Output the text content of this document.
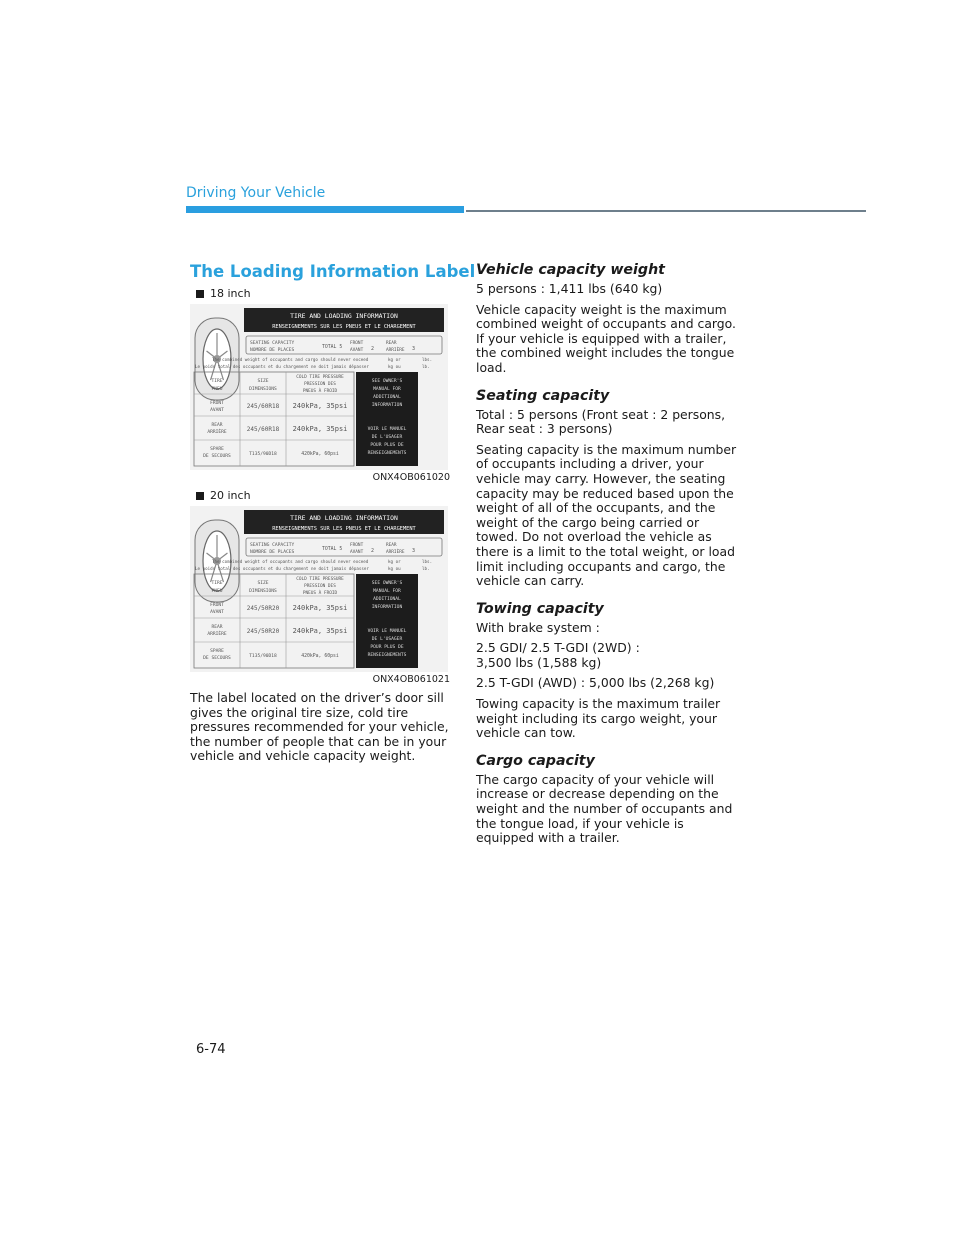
Driving Your Vehicle
The Loading Information Label
18 inch
TIRE AND LOADING INFORMATION
RENSEIGNEMENTS SUR LES PNEUS ET LE CHARGEMENT
SEATING CAPACITY
NOMBRE DE PLACES
TOTAL 5
FRONT
AVANT 2
REAR
ARRIÈRE 3
The combined weight of occupants and cargo should never exceed
Le poids total des occupants et du chargement ne doit jamais dépasser
kg or
kg ou
lbs.
lb.
TIRE
PNEU
SIZE
DIMENSIONS
COLD TIRE PRESSURE
PRESSION DES
PNEUS À FROID
FRONT
AVANT
REAR
ARRIÈRE
SPARE
DE SECOURS
245/60R18
245/60R18
T135/90D18
240kPa, 35psi
240kPa, 35psi
420kPa, 60psi
SEE OWNER'S
MANUAL FOR
ADDITIONAL
INFORMATION
VOIR LE MANUEL
DE L'USAGER
POUR PLUS DE
RENSEIGNEMENTS
ONX4OB061020
20 inch
TIRE AND LOADING INFORMATION
RENSEIGNEMENTS SUR LES PNEUS ET LE CHARGEMENT
SEATING CAPACITY
NOMBRE DE PLACES
TOTAL 5
FRONT
AVANT 2
REAR
ARRIÈRE 3
The combined weight of occupants and cargo should never exceed
Le poids total des occupants et du chargement ne doit jamais dépasser
kg or
kg ou
lbs.
lb.
TIRE
PNEU
SIZE
DIMENSIONS
COLD TIRE PRESSURE
PRESSION DES
PNEUS À FROID
FRONT
AVANT
REAR
ARRIÈRE
SPARE
DE SECOURS
245/50R20
245/50R20
T135/90D18
240kPa, 35psi
240kPa, 35psi
420kPa, 60psi
SEE OWNER'S
MANUAL FOR
ADDITIONAL
INFORMATION
VOIR LE MANUEL
DE L'USAGER
POUR PLUS DE
RENSEIGNEMENTS
ONX4OB061021

The label located on the driver’s door sill gives the original tire size, cold tire pressures recommended for your vehicle, the number of people that can be in your vehicle and vehicle capacity weight.

Vehicle capacity weight

5 persons : 1,411 lbs (640 kg)

Vehicle capacity weight is the maximum combined weight of occupants and cargo. If your vehicle is equipped with a trailer, the combined weight includes the tongue load.

Seating capacity

Total : 5 persons (Front seat : 2 persons, Rear seat : 3 persons)

Seating capacity is the maximum number of occupants including a driver, your vehicle may carry. However, the seating capacity may be reduced based upon the weight of all of the occupants, and the weight of the cargo being carried or towed. Do not overload the vehicle as there is a limit to the total weight, or load limit including occupants and cargo, the vehicle can carry.

Towing capacity

With brake system :

2.5 GDI/ 2.5 T-GDI (2WD) :
3,500 lbs (1,588 kg)

2.5 T-GDI (AWD) : 5,000 lbs (2,268 kg)

Towing capacity is the maximum trailer weight including its cargo weight, your vehicle can tow.

Cargo capacity

The cargo capacity of your vehicle will increase or decrease depending on the weight and the number of occupants and the tongue load, if your vehicle is equipped with a trailer.

6-74
